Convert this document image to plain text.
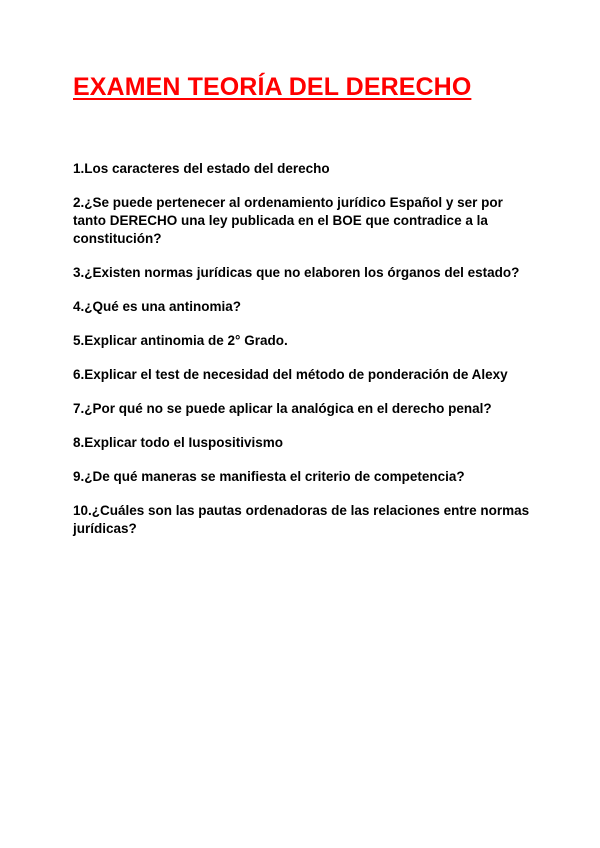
EXAMEN TEORÍA DEL DERECHO
1.Los caracteres del estado del derecho
2.¿Se puede pertenecer al ordenamiento jurídico Español y ser por tanto DERECHO una ley publicada en el BOE que contradice a la constitución?
3.¿Existen normas jurídicas que no elaboren los órganos del estado?
4.¿Qué es una antinomia?
5.Explicar antinomia de 2° Grado.
6.Explicar el test de necesidad del método de ponderación de Alexy
7.¿Por qué no se puede aplicar la analógica en el derecho penal?
8.Explicar todo el Iuspositivismo
9.¿De qué maneras se manifiesta el criterio de competencia?
10.¿Cuáles son las pautas ordenadoras de las relaciones entre normas jurídicas?
